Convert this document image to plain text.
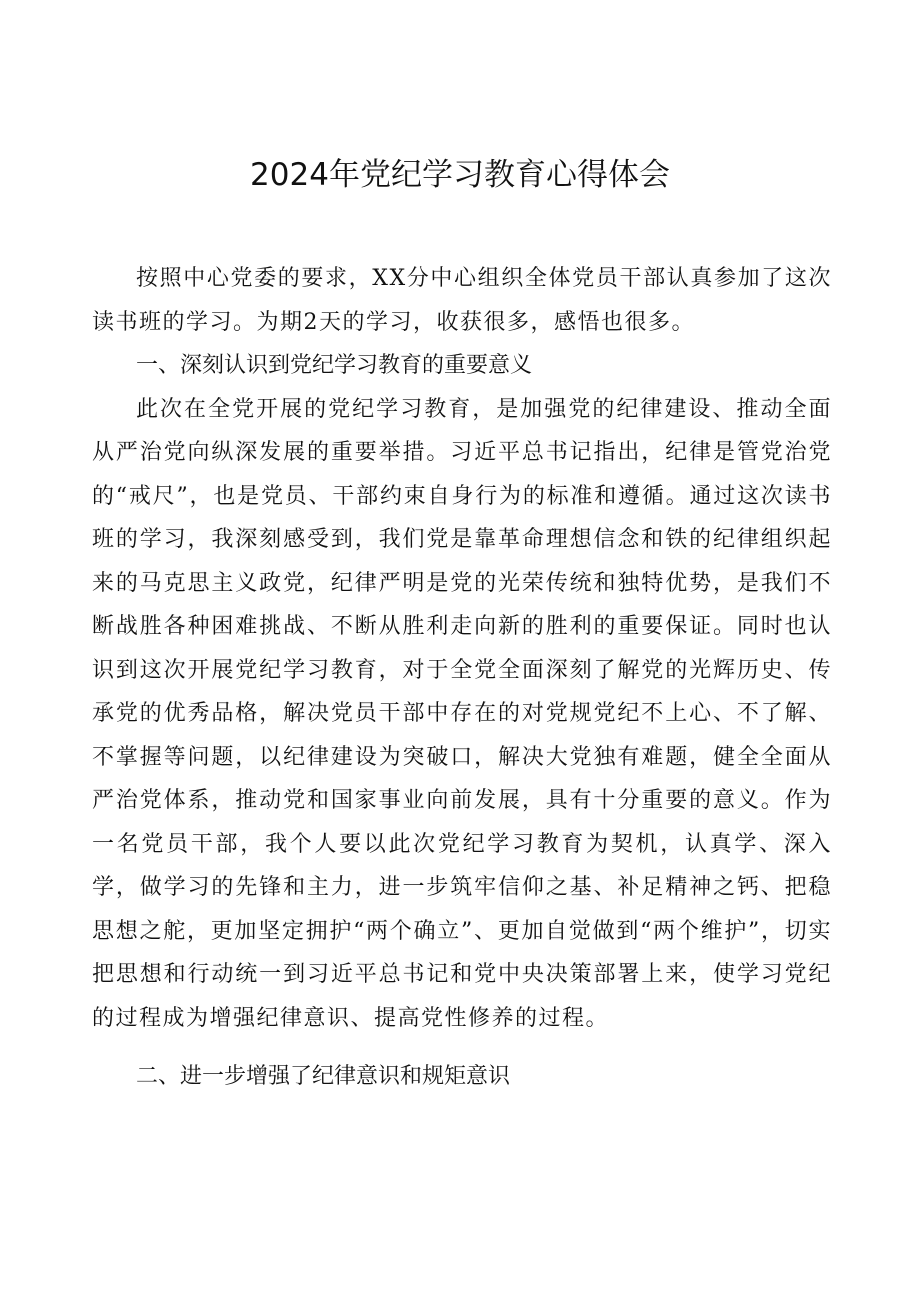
2024年党纪学习教育心得体会

按照中心党委的要求，XX分中心组织全体党员干部认真参加了这次读书班的学习。为期2天的学习，收获很多，感悟也很多。

一、深刻认识到党纪学习教育的重要意义

此次在全党开展的党纪学习教育，是加强党的纪律建设、推动全面从严治党向纵深发展的重要举措。习近平总书记指出，纪律是管党治党的“戒尺”，也是党员、干部约束自身行为的标准和遵循。通过这次读书班的学习，我深刻感受到，我们党是靠革命理想信念和铁的纪律组织起来的马克思主义政党，纪律严明是党的光荣传统和独特优势，是我们不断战胜各种困难挑战、不断从胜利走向新的胜利的重要保证。同时也认识到这次开展党纪学习教育，对于全党全面深刻了解党的光辉历史、传承党的优秀品格，解决党员干部中存在的对党规党纪不上心、不了解、不掌握等问题，以纪律建设为突破口，解决大党独有难题，健全全面从严治党体系，推动党和国家事业向前发展，具有十分重要的意义。作为一名党员干部，我个人要以此次党纪学习教育为契机，认真学、深入学，做学习的先锋和主力，进一步筑牢信仰之基、补足精神之钙、把稳思想之舵，更加坚定拥护“两个确立”、更加自觉做到“两个维护”，切实把思想和行动统一到习近平总书记和党中央决策部署上来，使学习党纪的过程成为增强纪律意识、提高党性修养的过程。

二、进一步增强了纪律意识和规矩意识
